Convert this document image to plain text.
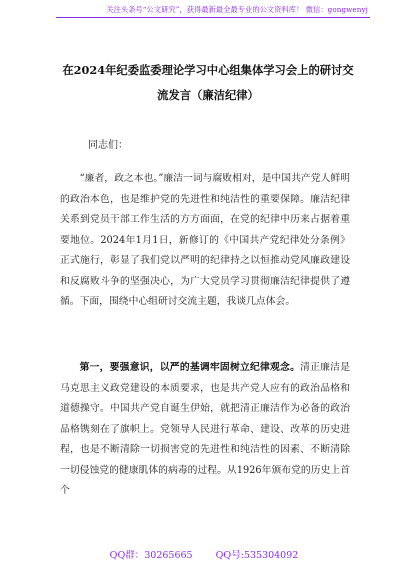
关注头条号“公文研究”，获得最新最全最专业的公文资料库！ 微信：gongwenyj
在2024年纪委监委理论学习中心组集体学习会上的研讨交流发言（廉洁纪律）
同志们：
“廉者，政之本也。”廉洁一词与腐败相对，是中国共产党人鲜明的政治本色，也是维护党的先进性和纯洁性的重要保障。廉洁纪律关系到党员干部工作生活的方方面面，在党的纪律中历来占据着重要地位。2024年1月1日，新修订的《中国共产党纪律处分条例》正式施行，彰显了我们党以严明的纪律持之以恒推动党风廉政建设和反腐败斗争的坚强决心，为广大党员学习贯彻廉洁纪律提供了遵循。下面，围绕中心组研讨交流主题，我谈几点体会。
第一，要强意识，以严的基调牢固树立纪律观念。清正廉洁是马克思主义政党建设的本质要求，也是共产党人应有的政治品格和道德操守。中国共产党自诞生伊始，就把清正廉洁作为必备的政治品格镌刻在了旗帜上。党领导人民进行革命、建设、改革的历史进程，也是不断清除一切损害党的先进性和纯洁性的因素、不断清除一切侵蚀党的健康肌体的病毒的过程。从1926年颁布党的历史上首个
QQ群：30265665 QQ号:535304092
